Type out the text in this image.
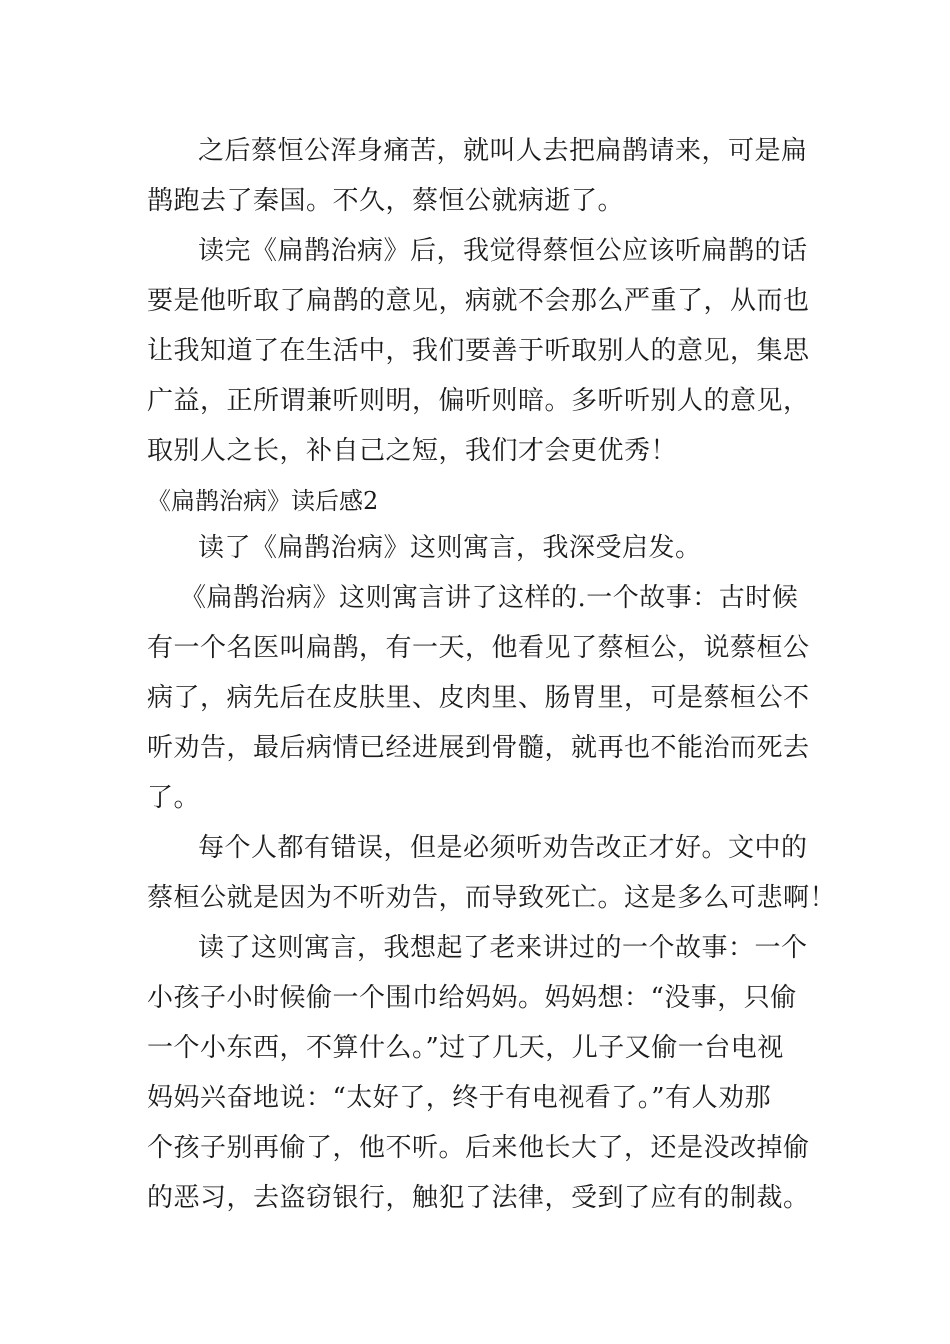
之后蔡恒公浑身痛苦，就叫人去把扁鹊请来，可是扁
鹊跑去了秦国。不久，蔡恒公就病逝了。
读完《扁鹊治病》后，我觉得蔡恒公应该听扁鹊的话
要是他听取了扁鹊的意见，病就不会那么严重了，从而也
让我知道了在生活中，我们要善于听取别人的意见，集思
广益，正所谓兼听则明，偏听则暗。多听听别人的意见，
取别人之长，补自己之短，我们才会更优秀！
《扁鹊治病》读后感2
读了《扁鹊治病》这则寓言，我深受启发。
《扁鹊治病》这则寓言讲了这样的.一个故事：古时候
有一个名医叫扁鹊，有一天，他看见了蔡桓公，说蔡桓公
病了，病先后在皮肤里、皮肉里、肠胃里，可是蔡桓公不
听劝告，最后病情已经进展到骨髓，就再也不能治而死去
了。
每个人都有错误，但是必须听劝告改正才好。文中的
蔡桓公就是因为不听劝告，而导致死亡。这是多么可悲啊！
读了这则寓言，我想起了老来讲过的一个故事：一个
小孩子小时候偷一个围巾给妈妈。妈妈想：“没事，只偷
一个小东西，不算什么。”过了几天，儿子又偷一台电视
妈妈兴奋地说：“太好了，终于有电视看了。”有人劝那
个孩子别再偷了，他不听。后来他长大了，还是没改掉偷
的恶习，去盗窃银行，触犯了法律，受到了应有的制裁。
